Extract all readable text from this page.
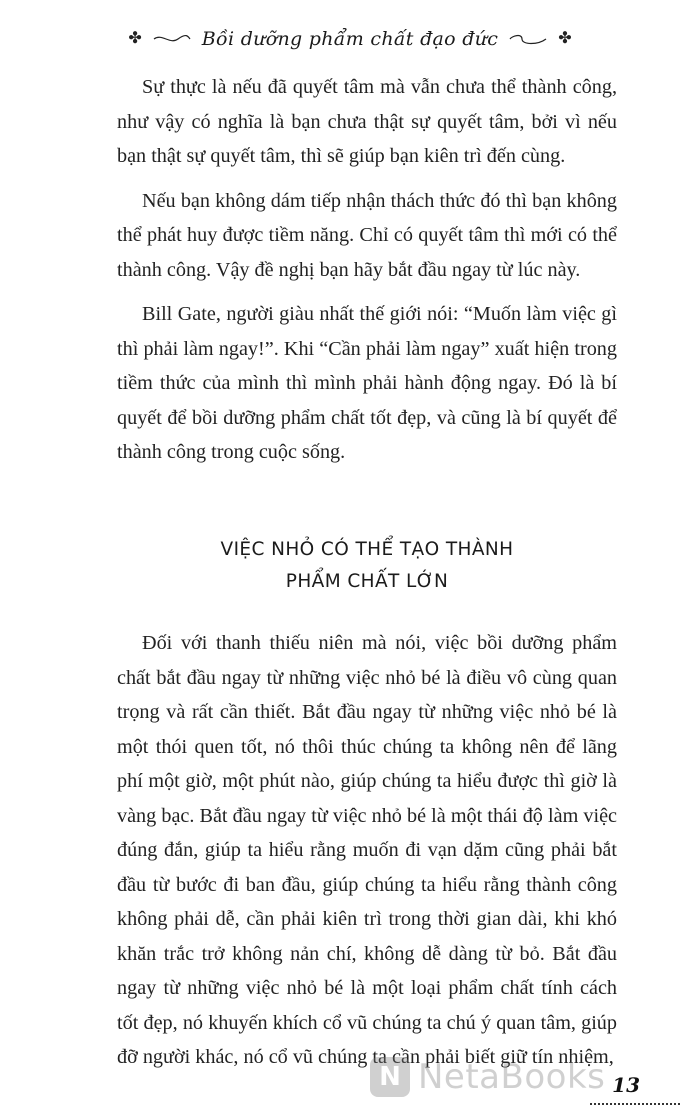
✤	Bồi dưỡng phẩm chất đạo đức	✤

Sự thực là nếu đã quyết tâm mà vẫn chưa thể thành công, như vậy có nghĩa là bạn chưa thật sự quyết tâm, bởi vì nếu bạn thật sự quyết tâm, thì sẽ giúp bạn kiên trì đến cùng.

Nếu bạn không dám tiếp nhận thách thức đó thì bạn không thể phát huy được tiềm năng. Chỉ có quyết tâm thì mới có thể thành công. Vậy đề nghị bạn hãy bắt đầu ngay từ lúc này.

Bill Gate, người giàu nhất thế giới nói: “Muốn làm việc gì thì phải làm ngay!”. Khi “Cần phải làm ngay” xuất hiện trong tiềm thức của mình thì mình phải hành động ngay. Đó là bí quyết để bồi dưỡng phẩm chất tốt đẹp, và cũng là bí quyết để thành công trong cuộc sống.

VIỆC NHỎ CÓ THỂ TẠO THÀNH
PHẨM CHẤT LỚN

Đối với thanh thiếu niên mà nói, việc bồi dưỡng phẩm chất bắt đầu ngay từ những việc nhỏ bé là điều vô cùng quan trọng và rất cần thiết. Bắt đầu ngay từ những việc nhỏ bé là một thói quen tốt, nó thôi thúc chúng ta không nên để lãng phí một giờ, một phút nào, giúp chúng ta hiểu được thì giờ là vàng bạc. Bắt đầu ngay từ việc nhỏ bé là một thái độ làm việc đúng đắn, giúp ta hiểu rằng muốn đi vạn dặm cũng phải bắt đầu từ bước đi ban đầu, giúp chúng ta hiểu rằng thành công không phải dễ, cần phải kiên trì trong thời gian dài, khi khó khăn trắc trở không nản chí, không dễ dàng từ bỏ. Bắt đầu ngay từ những việc nhỏ bé là một loại phẩm chất tính cách tốt đẹp, nó khuyến khích cổ vũ chúng ta chú ý quan tâm, giúp đỡ người khác, nó cổ vũ chúng ta cần phải biết giữ tín nhiệm,

N NetaBooks 13
